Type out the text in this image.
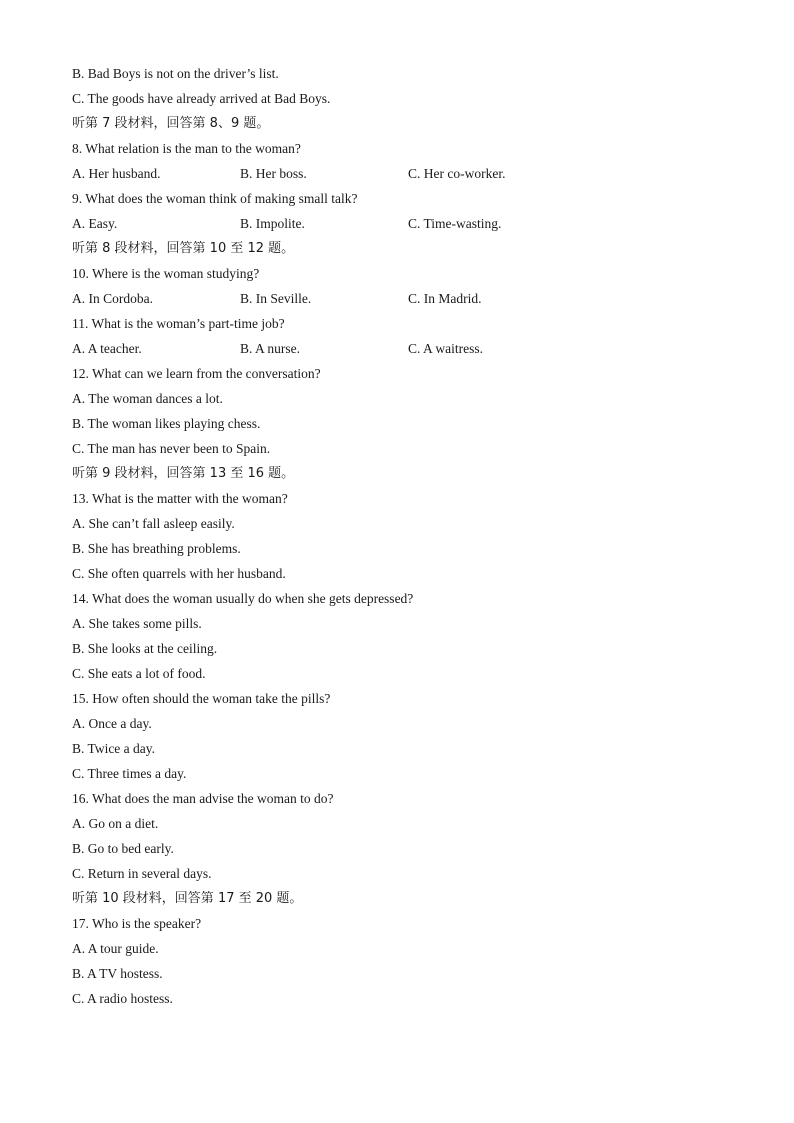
B. Bad Boys is not on the driver’s list.
C. The goods have already arrived at Bad Boys.
听第 7 段材料，回答第 8、9 题。
8. What relation is the man to the woman?
A. Her husband.	B. Her boss.	C. Her co-worker.
9. What does the woman think of making small talk?
A. Easy.	B. Impolite.	C. Time-wasting.
听第 8 段材料，回答第 10 至 12 题。
10. Where is the woman studying?
A. In Cordoba.	B. In Seville.	C. In Madrid.
11. What is the woman’s part-time job?
A. A teacher.	B. A nurse.	C. A waitress.
12. What can we learn from the conversation?
A. The woman dances a lot.
B. The woman likes playing chess.
C. The man has never been to Spain.
听第 9 段材料，回答第 13 至 16 题。
13. What is the matter with the woman?
A. She can’t fall asleep easily.
B. She has breathing problems.
C. She often quarrels with her husband.
14. What does the woman usually do when she gets depressed?
A. She takes some pills.
B. She looks at the ceiling.
C. She eats a lot of food.
15. How often should the woman take the pills?
A. Once a day.
B. Twice a day.
C. Three times a day.
16. What does the man advise the woman to do?
A. Go on a diet.
B. Go to bed early.
C. Return in several days.
听第 10 段材料，回答第 17 至 20 题。
17. Who is the speaker?
A. A tour guide.
B. A TV hostess.
C. A radio hostess.
